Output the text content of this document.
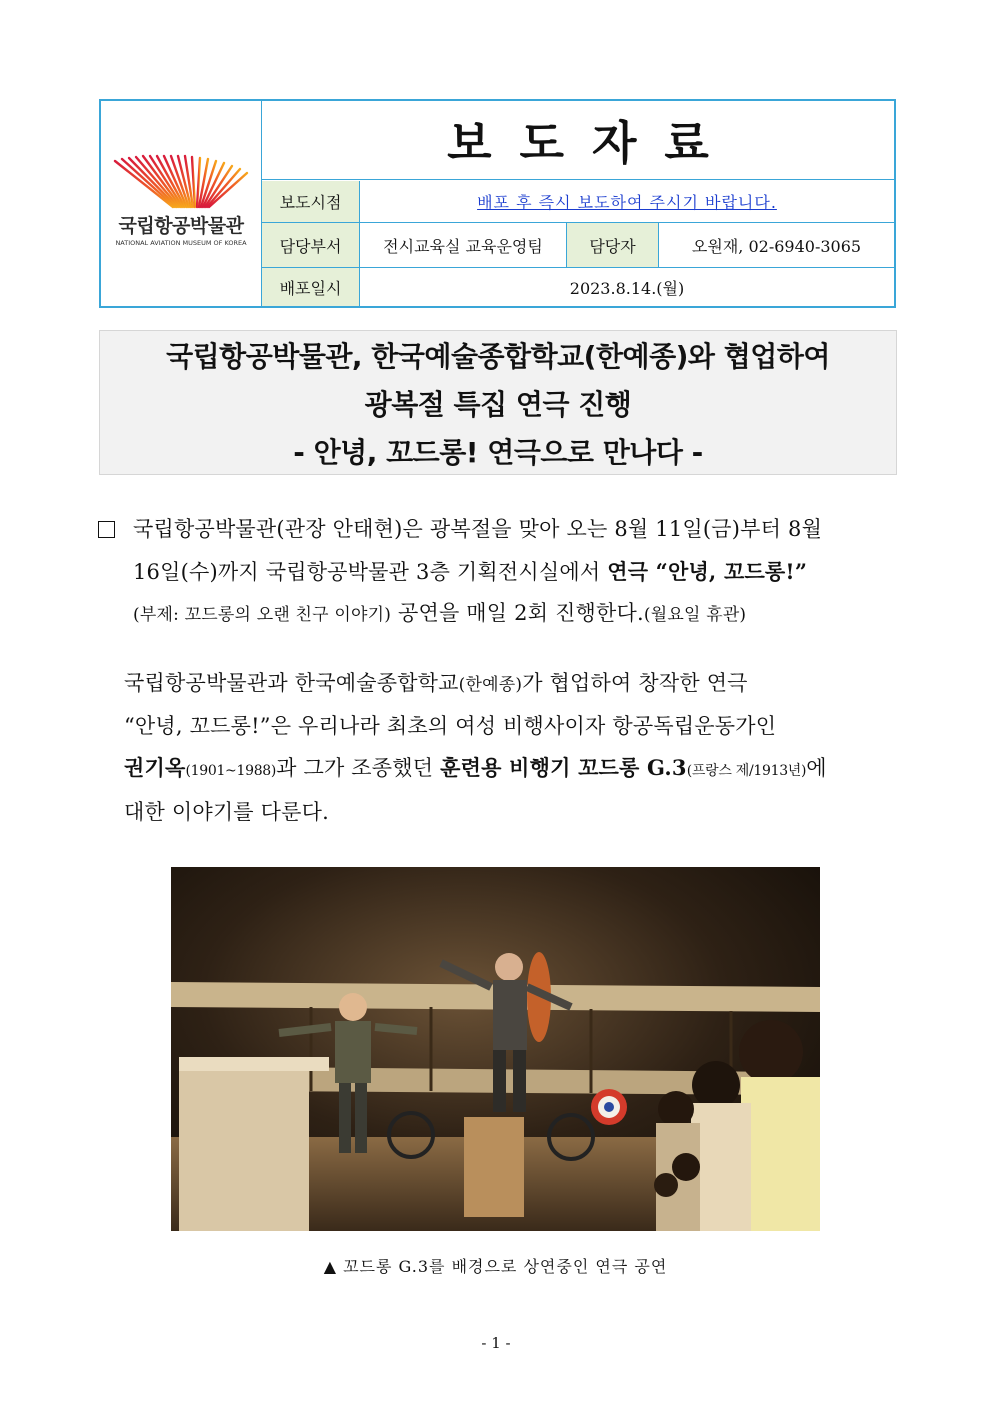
국립항공박물관
NATIONAL AVIATION MUSEUM OF KOREA
보도자료
보도시점	배포 후 즉시 보도하여 주시기 바랍니다.
담당부서	전시교육실 교육운영팀	담당자	오원재, 02-6940-3065
배포일시	2023.8.14.(월)
국립항공박물관, 한국예술종합학교(한예종)와 협업하여
광복절 특집 연극 진행
- 안녕, 꼬드롱! 연극으로 만나다 -
국립항공박물관(관장 안태현)은 광복절을 맞아 오는 8월 11일(금)부터 8월
16일(수)까지 국립항공박물관 3층 기획전시실에서 연극 “안녕, 꼬드롱!”
(부제: 꼬드롱의 오랜 친구 이야기) 공연을 매일 2회 진행한다.(월요일 휴관)
국립항공박물관과 한국예술종합학교(한예종)가 협업하여 창작한 연극
“안녕, 꼬드롱!”은 우리나라 최초의 여성 비행사이자 항공독립운동가인
권기옥(1901~1988)과 그가 조종했던 훈련용 비행기 꼬드롱 G.3(프랑스 제/1913년)에
대한 이야기를 다룬다.
▲ 꼬드롱 G.3를 배경으로 상연중인 연극 공연
- 1 -
